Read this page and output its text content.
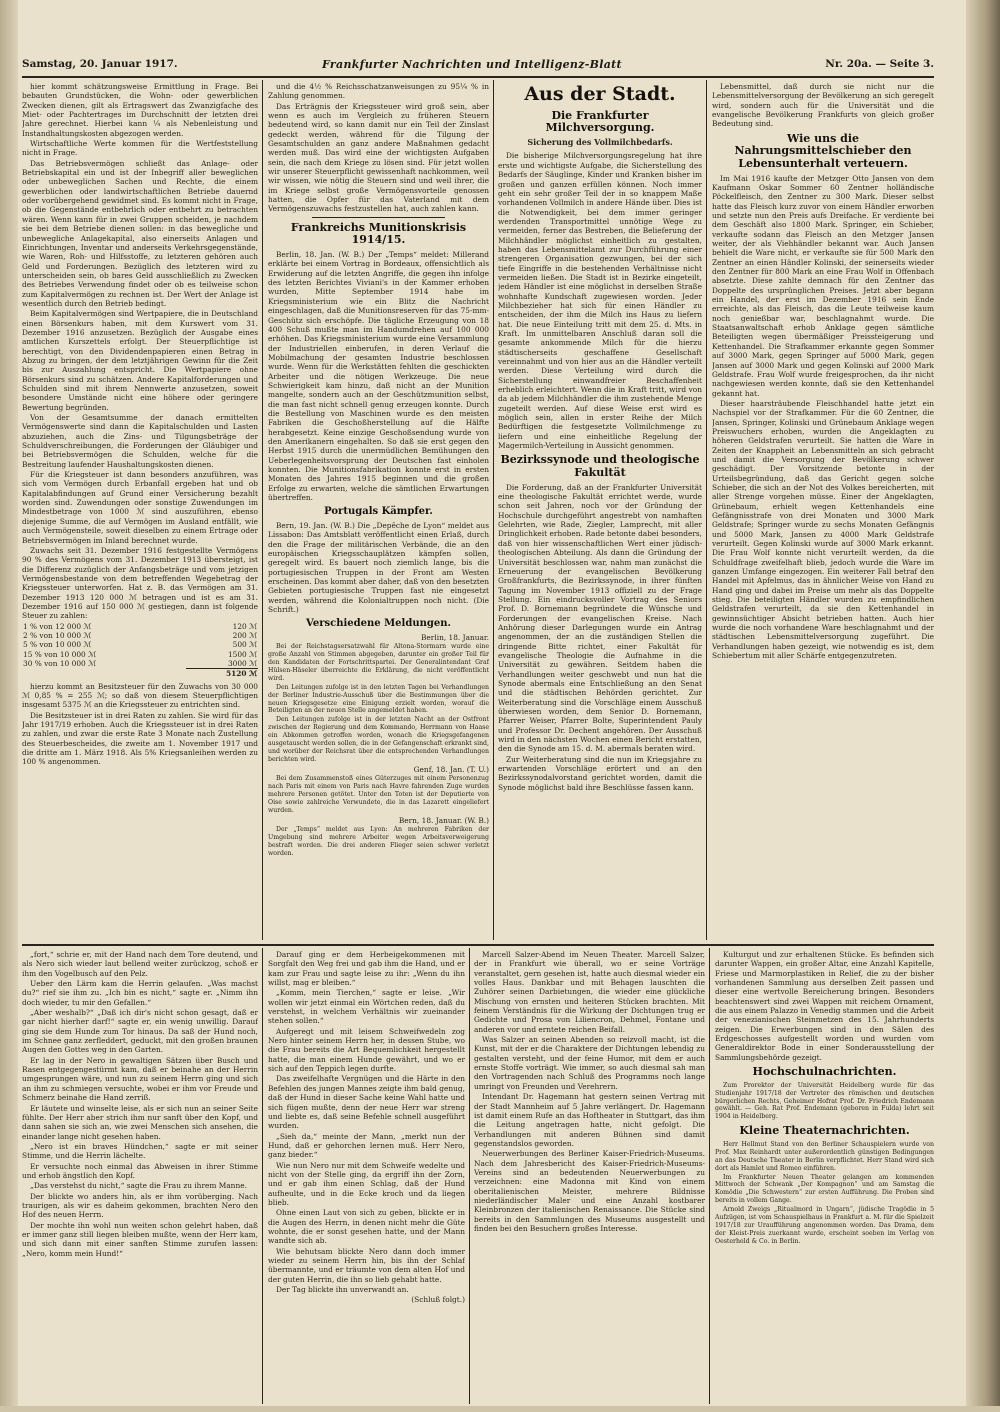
Samstag, 20. Januar 1917.	Frankfurter Nachrichten und Intelligenz-Blatt	Nr. 20a. — Seite 3.

hier kommt schätzungsweise Ermittlung in Frage. Bei bebauten Grundstücken, die Wohn- oder gewerblichen Zwecken dienen, gilt als Ertragswert das Zwanzigfache des Miet- oder Pachtertrages im Durchschnitt der letzten drei Jahre gerechnet. Hierbei kann ¼ als Nebenleistung und Instandhaltungskosten abgezogen werden.

Wirtschaftliche Werte kommen für die Wertfeststellung nicht in Frage.

Das Betriebsvermögen schließt das Anlage- oder Betriebskapital ein und ist der Inbegriff aller beweglichen oder unbeweglichen Sachen und Rechte, die einem gewerblichen oder landwirtschaftlichen Betriebe dauernd oder vorübergehend gewidmet sind. Es kommt nicht in Frage, ob die Gegenstände entbehrlich oder entbehrt zu betrachten wären. Wenn kann für in zwei Gruppen scheiden, je nachdem sie bei dem Betriebe dienen sollen: in das bewegliche und unbewegliche Anlagekapital, also einerseits Anlagen und Einrichtungen, Inventar und anderseits Verkehrsgegenstände, wie Waren, Roh- und Hilfsstoffe, zu letzteren gehören auch Geld und Forderungen. Bezüglich des letzteren wird zu unterscheiden sein, ob bares Geld ausschließlich zu Zwecken des Betriebes Verwendung findet oder ob es teilweise schon zum Kapitalvermögen zu rechnen ist. Der Wert der Anlage ist wesentlich durch den Betrieb bedingt.

Beim Kapitalvermögen sind Wertpapiere, die in Deutschland einen Börsenkurs haben, mit dem Kurswert vom 31. Dezember 1916 anzusetzen. Bezüglich der Ausgabe eines amtlichen Kurszettels erfolgt. Der Steuerpflichtige ist berechtigt, von den Dividendenpapieren einen Betrag in Abzug zu bringen, der dem letztjährigen Gewinn für die Zeit bis zur Auszahlung entspricht. Die Wertpapiere ohne Börsenkurs sind zu schätzen. Andere Kapitalforderungen und Schulden sind mit ihrem Nennwerte anzusetzen, soweit besondere Umstände nicht eine höhere oder geringere Bewertung begründen.

Von der Gesamtsumme der danach ermittelten Vermögenswerte sind dann die Kapitalschulden und Lasten abzuziehen, auch die Zins- und Tilgungsbeträge der Schuldverschreibungen, die Forderungen der Gläubiger und bei Betriebsvermögen die Schulden, welche für die Bestreitung laufender Haushaltungskosten dienen.

Für die Kriegsteuer ist dann besonders anzuführen, was sich vom Vermögen durch Erbanfall ergeben hat und ob Kapitalabfindungen auf Grund einer Versicherung bezahlt worden sind. Zuwendungen oder sonstige Zuwendungen im Mindestbetrage von 1000 ℳ sind auszuführen, ebenso diejenige Summe, die auf Vermögen im Ausland entfällt, wie auch Vermögensteile, soweit dieselben zu einem Ertrage oder Betriebsvermögen im Inland berechnet wurde.

Zuwachs seit 31. Dezember 1916 festgestellte Vermögens 90 % des Vermögens vom 31. Dezember 1913 übersteigt, ist die Differenz zuzüglich der Anfangsbeträge und vom jetzigen Vermögensbestande von dem betreffenden Wegebetrag der Kriegssteuer unterworfen. Hat z. B. das Vermögen am 31. Dezember 1913 120 000 ℳ betragen und ist es am 31. Dezember 1916 auf 150 000 ℳ gestiegen, dann ist folgende Steuer zu zahlen:

1 % von 12 000 ℳ	120 ℳ
2 % von 10 000 ℳ	200 ℳ
5 % von 10 000 ℳ	500 ℳ
15 % von 10 000 ℳ	1500 ℳ
30 % von 10 000 ℳ	3000 ℳ
	5120 ℳ

hierzu kommt an Besitzsteuer für den Zuwachs von 30 000 ℳ 0,85 % = 255 ℳ; so daß von diesem Steuerpflichtigen insgesamt 5375 ℳ an die Kriegssteuer zu entrichten sind.

Die Besitzsteuer ist in drei Raten zu zahlen. Sie wird für das Jahr 1917/19 erhoben. Auch die Kriegssteuer ist in drei Raten zu zahlen, und zwar die erste Rate 3 Monate nach Zustellung des Steuerbescheides, die zweite am 1. November 1917 und die dritte am 1. März 1918. Als 5% Kriegsanleihen werden zu 100 % angenommen.

und die 4½ % Reichsschatzanweisungen zu 95¼ % in Zahlung genommen.

Das Erträgnis der Kriegssteuer wird groß sein, aber wenn es auch im Vergleich zu früheren Steuern bedeutend wird, so kann damit nur ein Teil der Zinslast gedeckt werden, während für die Tilgung der Gesamtschulden an ganz andere Maßnahmen gedacht werden muß. Das wird eine der wichtigsten Aufgaben sein, die nach dem Kriege zu lösen sind. Für jetzt wollen wir unserer Steuerpflicht gewissenhaft nachkommen, weil wir wissen, wie nötig die Steuern sind und weil ihrer, die im Kriege selbst große Vermögensvorteile genossen hatten, die Opfer für das Vaterland mit dem Vermögenszuwachs festzustellen hat, auch zahlen kann.

Frankreichs Munitionskrisis 1914/15.

Berlin, 18. Jan. (W. B.) Der „Temps“ meldet: Millerand erklärte bei einem Vortrag in Bordeaux, offensichtlich als Erwiderung auf die letzten Angriffe, die gegen ihn infolge des letzten Berichtes Viviani's in der Kammer erhoben wurden, Mitte September 1914 habe im Kriegsministerium wie ein Blitz die Nachricht eingeschlagen, daß die Munitionsreserven für das 75-mm-Geschütz sich erschöpfe. Die tägliche Erzeugung von 18 400 Schuß mußte man im Handumdrehen auf 100 000 erhöhen. Das Kriegsministerium wurde eine Versammlung der Industriellen einberufen, in deren Verlauf die Mobilmachung der gesamten Industrie beschlossen wurde. Wenn für die Werkstätten fehlten die geschickten Arbeiter und die nötigen Werkzeuge. Die neue Schwierigkeit kam hinzu, daß nicht an der Munition mangelte, sondern auch an der Geschützmunition selbst, die man fast nicht schnell genug erzeugen konnte. Durch die Bestellung von Maschinen wurde es den meisten Fabriken die Geschoßherstellung auf die Hälfte herabgesetzt. Keine einzige Geschoßsendung wurde von den Amerikanern eingehalten. So daß sie erst gegen den Herbst 1915 durch die unermüdlichen Bemühungen den Ueberlegenheitsvorsprung der Deutschen fast einholen konnten. Die Munitionsfabrikation konnte erst in ersten Monaten des Jahres 1915 beginnen und die großen Erfolge zu erwarten, welche die sämtlichen Erwartungen übertreffen.

Portugals Kämpfer.

Bern, 19. Jan. (W. B.) Die „Depêche de Lyon“ meldet aus Lissabon: Das Amtsblatt veröffentlicht einen Erlaß, durch den die Frage der militärischen Verbände, die an den europäischen Kriegsschauplätzen kämpfen sollen, geregelt wird. Es bauert noch ziemlich lange, bis die portugiesischen Truppen in der Front am Westen erscheinen. Das kommt aber daher, daß von den besetzten Gebieten portugiesische Truppen fast nie eingesetzt werden, während die Kolonialtruppen noch nicht. (Die Schrift.)

Verschiedene Meldungen.

Berlin, 18. Januar.

Bei der Reichstagsersatzwahl für Altona-Stormarn wurde eine große Anzahl von Stimmen abgegeben, darunter ein großer Teil für den Kandidaten der Fortschrittspartei. Der Generalintendant Graf Hülsen-Häseler überreichte die Erklärung, die nicht veröffentlicht wird.

Den Leitungen zufolge ist in den letzten Tagen bei Verhandlungen der Berliner Industrie-Ausschuß über die Bestimmungen über die neuen Kriegsgesetze eine Einigung erzielt worden, worauf die Beteiligten an der neuen Stelle angemeldet haben.

Den Leitungen zufolge ist in der letzten Nacht an der Ostfront zwischen der Regierung und dem Kommando, Herrmann von Haase ein Abkommen getroffen worden, wonach die Kriegsgefangenen ausgetauscht werden sollen, die in der Gefangenschaft erkrankt sind, und worüber der Reichsrat über die entsprechenden Verhandlungen berichten wird.

Genf, 18. Jan. (T. U.)

Bei dem Zusammenstoß eines Güterzuges mit einem Personenzug nach Paris mit einem von Paris nach Havre fahrenden Zuge wurden mehrere Personen getötet. Unter den Toten ist der Deputierte von Oise sowie zahlreiche Verwundete, die in das Lazarett eingeliefert wurden.

Bern, 18. Januar. (W. B.)

Der „Temps“ meldet aus Lyon: An mehreren Fabriken der Umgebung sind mehrere Arbeiter wegen Arbeitsverweigerung bestraft worden. Die drei anderen Flieger seien schwer verletzt worden.

Aus der Stadt.
Die Frankfurter Milchversorgung.
Sicherung des Vollmilchbedarfs.

Die bisherige Milchversorgungsregelung hat ihre erste und wichtigste Aufgabe, die Sicherstellung des Bedarfs der Säuglinge, Kinder und Kranken bisher im großen und ganzen erfüllen können. Noch immer geht ein sehr großer Teil der in so knappem Maße vorhandenen Vollmilch in andere Hände über. Dies ist die Notwendigkeit, bei dem immer geringer werdenden Transportmittel unnötige Wege zu vermeiden, ferner das Bestreben, die Belieferung der Milchhändler möglichst einheitlich zu gestalten, haben das Lebensmittelamt zur Durchführung einer strengeren Organisation gezwungen, bei der sich tiefe Eingriffe in die bestehenden Verhältnisse nicht vermeiden ließen. Die Stadt ist in Bezirke eingeteilt, jedem Händler ist eine möglichst in derselben Straße wohnhafte Kundschaft zugewiesen worden. Jeder Milchbezieher hat sich für einen Händler zu entscheiden, der ihm die Milch ins Haus zu liefern hat. Die neue Einteilung tritt mit dem 25. d. Mts. in Kraft. Im unmittelbaren Anschluß daran soll die gesamte ankommende Milch für die hierzu städtischerseits geschaffene Gesellschaft vereinnahmt und von hier aus an die Händler verteilt werden. Diese Verteilung wird durch die Sicherstellung einwandfreier Beschaffenheit erheblich erleichtert. Wenn die in Kraft tritt, wird von da ab jedem Milchhändler die ihm zustehende Menge zugeteilt werden. Auf diese Weise erst wird es möglich sein, allen in erster Reihe der Milch Bedürftigen die festgesetzte Vollmilchmenge zu liefern und eine einheitliche Regelung der Magermilch-Verteilung in Aussicht genommen.

Bezirkssynode und theologische Fakultät

Die Forderung, daß an der Frankfurter Universität eine theologische Fakultät errichtet werde, wurde schon seit Jahren, noch vor der Gründung der Hochschule durchgeführt angestrebt von namhaften Gelehrten, wie Rade, Ziegler, Lamprecht, mit aller Dringlichkeit erhoben. Rade betonte dabei besonders, daß von hier wissenschaftlichen Wert einer jüdisch-theologischen Abteilung. Als dann die Gründung der Universität beschlossen war, nahm man zunächst die Erneuerung der evangelischen Bevölkerung Großfrankfurts, die Bezirkssynode, in ihrer fünften Tagung im November 1913 offiziell zu der Frage Stellung. Ein eindrucksvoller Vortrag des Seniors Prof. D. Bornemann begründete die Wünsche und Forderungen der evangelischen Kreise. Nach Anhörung dieser Darlegungen wurde ein Antrag angenommen, der an die zuständigen Stellen die dringende Bitte richtet, einer Fakultät für evangelische Theologie die Aufnahme in die Universität zu gewähren. Seitdem haben die Verhandlungen weiter geschwebt und nun hat die Synode abermals eine Entschließung an den Senat und die städtischen Behörden gerichtet. Zur Weiterberatung sind die Vorschläge einem Ausschuß überwiesen worden, dem Senior D. Bornemann, Pfarrer Weiser, Pfarrer Bolte, Superintendent Pauly und Professor Dr. Dechent angehören. Der Ausschuß wird in den nächsten Wochen einen Bericht erstatten, den die Synode am 15. d. M. abermals beraten wird.

Zur Weiterberatung sind die nun im Kriegsjahre zu erwartenden Vorschläge erörtert und an den Bezirkssynodalvorstand gerichtet worden, damit die Synode möglichst bald ihre Beschlüsse fassen kann.

Lebensmittel, daß durch sie nicht nur die Lebensmittelversorgung der Bevölkerung an sich geregelt wird, sondern auch für die Universität und die evangelische Bevölkerung Frankfurts von gleich großer Bedeutung sind.

Wie uns die Nahrungsmittelschieber den Lebensunterhalt verteuern.

Im Mai 1916 kaufte der Metzger Otto Jansen von dem Kaufmann Oskar Sommer 60 Zentner holländische Pöckelfleisch, den Zentner zu 300 Mark. Dieser selbst hatte das Fleisch kurz zuvor von einem Händler erworben und setzte nun den Preis aufs Dreifache. Er verdiente bei dem Geschäft also 1800 Mark. Springer, ein Schieber, verkaufte sodann das Fleisch an den Metzger Jansen weiter, der als Viehhändler bekannt war. Auch Jansen behielt die Ware nicht, er verkaufte sie für 500 Mark den Zentner an einen Händler Kolinski, der seinerseits wieder den Zentner für 800 Mark an eine Frau Wolf in Offenbach absetzte. Diese zahlte demnach für den Zentner das Doppelte des ursprünglichen Preises. Jetzt aber begann ein Handel, der erst im Dezember 1916 sein Ende erreichte, als das Fleisch, das die Leute teilweise kaum noch genießbar war, beschlagnahmt wurde. Die Staatsanwaltschaft erhob Anklage gegen sämtliche Beteiligten wegen übermäßiger Preissteigerung und Kettenhandel. Die Strafkammer erkannte gegen Sommer auf 3000 Mark, gegen Springer auf 5000 Mark, gegen Jansen auf 3000 Mark und gegen Kolinski auf 2000 Mark Geldstrafe. Frau Wolf wurde freigesprochen, da ihr nicht nachgewiesen werden konnte, daß sie den Kettenhandel gekannt hat.

Dieser haarsträubende Fleischhandel hatte jetzt ein Nachspiel vor der Strafkammer. Für die 60 Zentner, die Jansen, Springer, Kolinski und Grünebaum Anklage wegen Preiswuchers erhoben, wurden die Angeklagten zu höheren Geldstrafen verurteilt. Sie hatten die Ware in Zeiten der Knappheit an Lebensmitteln an sich gebracht und damit die Versorgung der Bevölkerung schwer geschädigt. Der Vorsitzende betonte in der Urteilsbegründung, daß das Gericht gegen solche Schieber, die sich an der Not des Volkes bereicherten, mit aller Strenge vorgehen müsse. Einer der Angeklagten, Grünebaum, erhielt wegen Kettenhandels eine Gefängnisstrafe von drei Monaten und 3000 Mark Geldstrafe; Springer wurde zu sechs Monaten Gefängnis und 5000 Mark, Jansen zu 4000 Mark Geldstrafe verurteilt. Gegen Kolinski wurde auf 3000 Mark erkannt. Die Frau Wolf konnte nicht verurteilt werden, da die Schuldfrage zweifelhaft blieb, jedoch wurde die Ware im ganzen Umfange eingezogen. Ein weiterer Fall betraf den Handel mit Apfelmus, das in ähnlicher Weise von Hand zu Hand ging und dabei im Preise um mehr als das Doppelte stieg. Die beteiligten Händler wurden zu empfindlichen Geldstrafen verurteilt, da sie den Kettenhandel in gewinnsüchtiger Absicht betrieben hatten. Auch hier wurde die noch vorhandene Ware beschlagnahmt und der städtischen Lebensmittelversorgung zugeführt. Die Verhandlungen haben gezeigt, wie notwendig es ist, dem Schiebertum mit aller Schärfe entgegenzutreten.

„fort,“ schrie er, mit der Hand nach dem Tore deutend, und als Nero sich wieder laut bellend weiter zurückzog, schoß er ihm den Vogelbusch auf den Pelz.

Ueber den Lärm kam die Herrin gelaufen. „Was machst du?“ rief sie ihm zu. „Ich bin es nicht,“ sagte er. „Nimm ihn doch wieder, tu mir den Gefallen.“

„Aber weshalb?“ „Daß ich dir's nicht schon gesagt, daß er gar nicht hierher darf!“ sagte er, ein wenig unwillig. Darauf ging sie dem Hunde zum Tor hinaus. Da saß der Hund noch, im Schnee ganz zerfleddert, geduckt, mit den großen braunen Augen den Gottes weg in den Garten.

Er lag in der Nero in gewaltigen Sätzen über Busch und Rasen entgegengestürmt kam, daß er beinahe an der Herrin umgesprungen wäre, und nun zu seinem Herrn ging und sich an ihm zu schmiegen versuchte, wobei er ihm vor Freude und Schmerz beinahe die Hand zerriß.

Er läutete und winselte leise, als er sich nun an seiner Seite fühlte. Der Herr aber strich ihm nur sanft über den Kopf, und dann sahen sie sich an, wie zwei Menschen sich ansehen, die einander lange nicht gesehen haben.

„Nero ist ein braves Hündchen,“ sagte er mit seiner Stimme, und die Herrin lächelte.

Er versuchte noch einmal das Abweisen in ihrer Stimme und erhob ängstlich den Kopf.

„Das verstehst du nicht,“ sagte die Frau zu ihrem Manne.

Der blickte wo anders hin, als er ihm vorüberging. Nach traurigen, als wir es daheim gekommen, brachten Nero den Hof des neuen Herrn.

Der mochte ihn wohl nun weiten schon gelehrt haben, daß er immer ganz still liegen bleiben mußte, wenn der Herr kam, und sich dann mit einer sanften Stimme zurufen lassen: „Nero, komm mein Hund!“

Darauf ging er dem Herbeigekommenen mit Sorgfalt den Weg frei und gab ihm die Hand, und er kam zur Frau und sagte leise zu ihr: „Wenn du ihn willst, mag er bleiben.“

„Komm, mein Tierchen,“ sagte er leise. „Wir wollen wir jetzt einmal ein Wörtchen reden, daß du verstehst, in welchem Verhältnis wir zueinander stehen sollen.“

Aufgeregt und mit leisem Schweifwedeln zog Nero hinter seinem Herrn her, in dessen Stube, wo die Frau bereits die Art Bequemlichkeit hergestellt hatte, die man einem Hunde gewährt, und wo er sich auf den Teppich legen durfte.

Das zweifelhafte Vergnügen und die Härte in den Befehlen des jungen Mannes zeigte ihm bald genug, daß der Hund in dieser Sache keine Wahl hatte und sich fügen mußte, denn der neue Herr war streng und liebte es, daß seine Befehle schnell ausgeführt wurden.

„Sieh da,“ meinte der Mann, „merkt nun der Hund, daß er gehorchen lernen muß. Herr Nero, ganz bieder.“

Wie nun Nero nur mit dem Schweife wedelte und nicht von der Stelle ging, da ergriff ihn der Zorn, und er gab ihm einen Schlag, daß der Hund aufheulte, und in die Ecke kroch und da liegen blieb.

Ohne einen Laut von sich zu geben, blickte er in die Augen des Herrn, in denen nicht mehr die Güte wohnte, die er sonst gesehen hatte, und der Mann wandte sich ab.

Wie behutsam blickte Nero dann doch immer wieder zu seinem Herrn hin, bis ihn der Schlaf übermannte, und er träumte von dem alten Hof und der guten Herrin, die ihn so lieb gehabt hatte.

Der Tag blickte ihn unverwandt an.

(Schluß folgt.)

Marcell Salzer-Abend im Neuen Theater. Marcell Salzer, der in Frankfurt wie überall, wo er seine Vorträge veranstaltet, gern gesehen ist, hatte auch diesmal wieder ein volles Haus. Dankbar und mit Behagen lauschten die Zuhörer seinen Darbietungen, die wieder eine glückliche Mischung von ernsten und heiteren Stücken brachten. Mit feinem Verständnis für die Wirkung der Dichtungen trug er Gedichte und Prosa von Liliencron, Dehmel, Fontane und anderen vor und erntete reichen Beifall.

Was Salzer an seinen Abenden so reizvoll macht, ist die Kunst, mit der er die Charaktere der Dichtungen lebendig zu gestalten versteht, und der feine Humor, mit dem er auch ernste Stoffe vorträgt. Wie immer, so auch diesmal sah man den Vortragenden nach Schluß des Programms noch lange umringt von Freunden und Verehrern.

Intendant Dr. Hagemann hat gestern seinen Vertrag mit der Stadt Mannheim auf 5 Jahre verlängert. Dr. Hagemann ist damit einem Rufe an das Hoftheater in Stuttgart, das ihm die Leitung angetragen hatte, nicht gefolgt. Die Verhandlungen mit anderen Bühnen sind damit gegenstandslos geworden.

Neuerwerbungen des Berliner Kaiser-Friedrich-Museums. Nach dem Jahresbericht des Kaiser-Friedrich-Museums-Vereins sind an bedeutenden Neuerwerbungen zu verzeichnen: eine Madonna mit Kind von einem oberitalienischen Meister, mehrere Bildnisse niederländischer Maler und eine Anzahl kostbarer Kleinbronzen der italienischen Renaissance. Die Stücke sind bereits in den Sammlungen des Museums ausgestellt und finden bei den Besuchern großes Interesse.

Kulturgut und zur erhaltenen Stücke. Es befinden sich darunter Wappen, ein großer Altar, eine Anzahl Kapitelle, Friese und Marmorplastiken in Relief, die zu der bisher vorhandenen Sammlung aus derselben Zeit passen und dieser eine wertvolle Bereicherung bringen. Besonders beachtenswert sind zwei Wappen mit reichem Ornament, die aus einem Palazzo in Venedig stammen und die Arbeit der venezianischen Steinmetzen des 15. Jahrhunderts zeigen. Die Erwerbungen sind in den Sälen des Erdgeschosses aufgestellt worden und wurden vom Generaldirektor Bode in einer Sonderausstellung der Sammlungsbehörde gezeigt.

Hochschulnachrichten.

Zum Prorektor der Universität Heidelberg wurde für das Studienjahr 1917/18 der Vertreter des römischen und deutschen bürgerlichen Rechts, Geheimer Hofrat Prof. Dr. Friedrich Endemann gewählt. — Geh. Rat Prof. Endemann (geboren in Fulda) lehrt seit 1904 in Heidelberg.

Kleine Theaternachrichten.

Herr Hellmut Stand von den Berliner Schauspielern wurde von Prof. Max Reinhardt unter außerordentlich günstigen Bedingungen an das Deutsche Theater in Berlin verpflichtet. Herr Stand wird sich dort als Hamlet und Romeo einführen.

Im Frankfurter Neuen Theater gelangen am kommenden Mittwoch der Schwank „Der Kompagnon“ und am Samstag die Komödie „Die Schwestern“ zur ersten Aufführung. Die Proben sind bereits in vollem Gange.

Arnold Zweigs „Ritualmord in Ungarn“, jüdische Tragödie in 5 Aufzügen, ist vom Schauspielhaus in Frankfurt a. M. für die Spielzeit 1917/18 zur Uraufführung angenommen worden. Das Drama, dem der Kleist-Preis zuerkannt wurde, erscheint soeben im Verlag von Oesterheld & Co. in Berlin.
